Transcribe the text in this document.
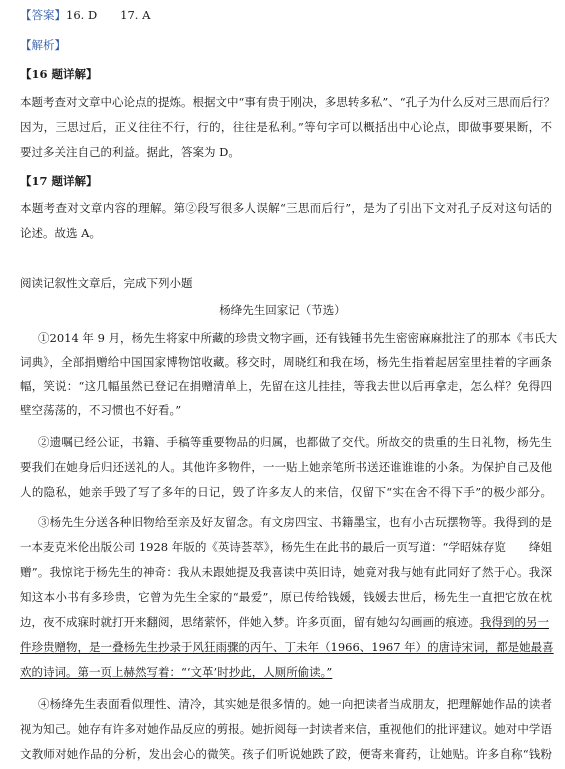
【答案】16. D　　17. A
【解析】
【16 题详解】
本题考查对文章中心论点的提炼。根据文中“事有贵于刚决，多思转多私”、“孔子为什么反对三思而后行？
因为，三思过后，正义往往不行，行的，往往是私利。”等句字可以概括出中心论点，即做事要果断，不
要过多关注自己的利益。据此，答案为 D。
【17 题详解】
本题考查对文章内容的理解。第②段写很多人误解“三思而后行”，是为了引出下文对孔子反对这句话的
论述。故选 A。
阅读记叙性文章后，完成下列小题
杨绛先生回家记（节选）
①2014 年 9 月，杨先生将家中所藏的珍贵文物字画，还有钱锺书先生密密麻麻批注了的那本《韦氏大
词典》，全部捐赠给中国国家博物馆收藏。移交时，周晓红和我在场，杨先生指着起居室里挂着的字画条
幅，笑说：“这几幅虽然已登记在捐赠清单上，先留在这儿挂挂，等我去世以后再拿走，怎么样？免得四
壁空荡荡的，不习惯也不好看。”
②遗嘱已经公证，书籍、手稿等重要物品的归属，也都做了交代。所故交的贵重的生日礼物，杨先生
要我们在她身后归还送礼的人。其他许多物件，一一贴上她亲笔所书送还谁谁谁的小条。为保护自己及他
人的隐私，她亲手毁了写了多年的日记，毁了许多友人的来信，仅留下“实在舍不得下手”的极少部分。
③杨先生分送各种旧物给至亲及好友留念。有文房四宝、书籍墨宝，也有小古玩摆物等。我得到的是
一本麦克米伦出版公司 1928 年版的《英诗荟萃》，杨先生在此书的最后一页写道：“学昭妹存览　　绛姐
赠”。我惊诧于杨先生的神奇：我从未跟她提及我喜读中英旧诗，她竟对我与她有此同好了然于心。我深
知这本小书有多珍贵，它曾为先生全家的“最爱”，原已传给钱媛，钱媛去世后，杨先生一直把它放在枕
边，夜不成寐时就打开来翻阅，思绪萦怀，伴她入梦。许多页面，留有她勾勾画画的痕迹。我得到的另一
件珍贵赠物，是一叠杨先生抄录于风狂雨骤的丙午、丁未年（1966、1967 年）的唐诗宋词，都是她最喜
欢的诗词。第一页上赫然写着：“‘文革’时抄此，人厕所偷读。”
④杨绛先生表面看似理性、清冷，其实她是很多情的。她一向把读者当成朋友，把理解她作品的读者
视为知己。她存有许多对她作品反应的剪报。她折阅每一封读者来信，重视他们的批评建议。她对中学语
文教师对她作品的分析，发出会心的微笑。孩子们听说她跌了跤，便寄来膏药，让她贴。许多自称“钱粉
